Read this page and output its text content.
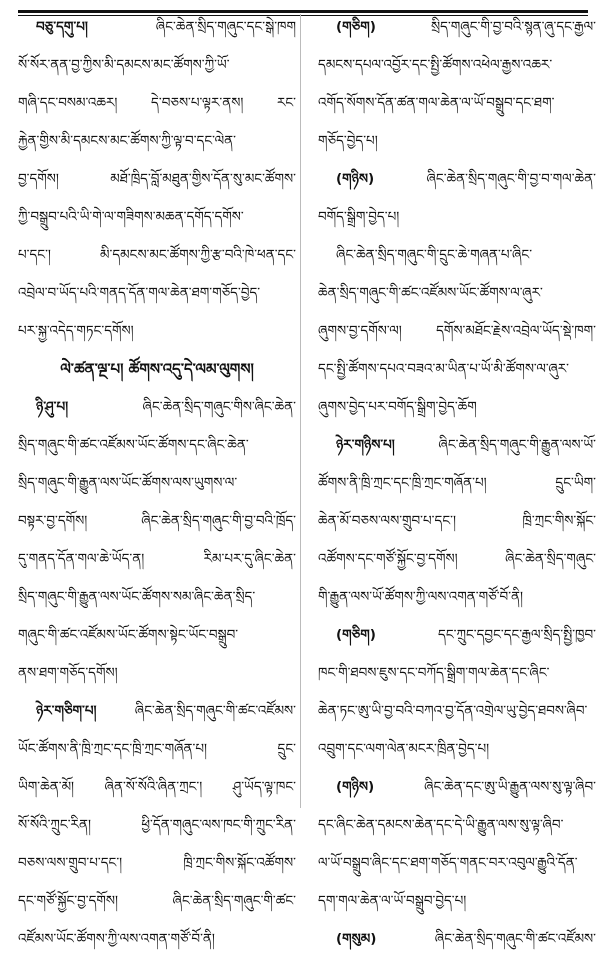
བཅུ་དགུ་པ། ཞིང་ཆེན་སྲིད་གཞུང་དང་སྒེ་ཁག
སོ་སོར་ནན་བྱ་ཀྱིས་མི་དམངས་མང་ཚོགས་ཀྱི་ཡོ་
གཞི་དང་བསམ་འཆར། དེ་བཅས་པ་ལྟར་ནས། རང་
རྐྱེན་གྱིས་མི་དམངས་མང་ཚོགས་ཀྱི་ལྟ་བ་དང་ལེན་
བྱ་དགོས། མཐོ་ཁྲིད་བློ་མཐུན་གྱིས་དོན་སུ་མང་ཚོགས་
ཀྱི་བསྒྲུབ་པའི་ཡི་གེ་ལ་གཟིགས་མཆན་དགོད་དགོས་
པ་དང་། མི་དམངས་མང་ཚོགས་ཀྱི་རྩ་བའི་ཁེ་ཕན་དང་
འབྲེལ་བ་ཡོད་པའི་གནད་དོན་གལ་ཆེན་ཐག་གཅོད་བྱེད་
པར་སྐྱ་འདེད་གཏང་དགོས།
ལེ་ཚན་ལྔ་པ། ཚོགས་འདུ་དེ་ལམ་ལུགས།
ཉི་ཤུ་པ། ཞིང་ཆེན་སྲིད་གཞུང་གིས་ཞིང་ཆེན་
སྲིད་གཞུང་གི་ཚང་འཛོམས་ཡོང་ཚོགས་དང་ཞིང་ཆེན་
སྲིད་གཞུང་གི་རྒྱུན་ལས་ཡོང་ཚོགས་ལས་ཡུགས་ལ་
བསྟར་བྱ་དགོས། ཞིང་ཆེན་སྲིད་གཞུང་གི་བྱ་བའི་ཁྲོད་
དུ་གནད་དོན་གལ་ཆེ་ཡོད་ན། རིམ་པར་དུ་ཞིང་ཆེན་
སྲིད་གཞུང་གི་རྒྱུན་ལས་ཡོང་ཚོགས་སམ་ཞིང་ཆེན་སྲིད་
གཞུང་གི་ཚང་འཛོམས་ཡོང་ཚོགས་སྟེང་ཡོང་བསྒྲུབ་
ནས་ཐག་གཅོད་དགོས།
ཉེར་གཅིག་པ། ཞིང་ཆེན་སྲིད་གཞུང་གི་ཚང་འཛོམས་
ཡོང་ཚོགས་ནི་ཁྲི་ཀྲང་དང་ཁྲི་ཀྲང་གཞོན་པ། དྲུང་
ཡིག་ཆེན་མོ། ཞིན་སོ་སོའི་ཞིན་ཀྲང་། ཤུ་ཡོད་ལྟ་ཁང་
སོ་སོའི་ཀྲུང་རིན། ཕྱི་དོན་གཞུང་ལས་ཁང་གི་ཀྲུང་རིན་
བཅས་ལས་གྲུབ་པ་དང་། ཁྲི་ཀྲང་གིས་སྐོང་འཚོགས་
དང་གཙོ་སྐྱོང་བྱ་དགོས། ཞིང་ཆེན་སྲིད་གཞུང་གི་ཚང་
འཛོམས་ཡོང་ཚོགས་ཀྱི་ལས་འགན་གཙོ་བོ་ནི།
(གཅིག) སྲིད་གཞུང་གི་བྱ་བའི་སྙན་ཞུ་དང་རྒྱལ་
དམངས་དཔལ་འབྱོར་དང་སྤྱི་ཚོགས་འཕེལ་རྒྱས་འཆར་
འགོད་སོགས་དོན་ཚན་གལ་ཆེན་ལ་ཡོ་བསྒྲུབ་དང་ཐག་
གཅོད་བྱེད་པ།
(གཉིས) ཞིང་ཆེན་སྲིད་གཞུང་གི་བྱ་བ་གལ་ཆེན་
བགོད་སྒྲིག་བྱེད་པ།
ཞིང་ཆེན་སྲིད་གཞུང་གི་དྲུང་ཆེ་གཞན་པ་ཞིང་
ཆེན་སྲིད་གཞུང་གི་ཚང་འཛོམས་ཡོང་ཚོགས་ལ་ཞུར་
ཞུགས་བྱ་དགོས་ལ། དགོས་མཐོང་རྗེས་འབྲེལ་ཡོད་སྡེ་ཁག་
དང་སྤྱི་ཚོགས་དཔའ་བཟའ་མ་ཡིན་པ་ཡོ་མི་ཚོགས་ལ་ཞུར་
ཞུགས་བྱེད་པར་བགོད་སྒྲིག་བྱེད་ཆོག
ཉེར་གཉིས་པ། ཞིང་ཆེན་སྲིད་གཞུང་གི་རྒྱུན་ལས་ཡོ་
ཚོགས་ནི་ཁྲི་ཀྲང་དང་ཁྲི་ཀྲང་གཞོན་པ། དྲུང་ཡིག་
ཆེན་མོ་བཅས་ལས་གྲུབ་པ་དང་། ཁྲི་ཀྲང་གིས་སྐོང་
འཚོགས་དང་གཙོ་སྐྱོང་བྱ་དགོས། ཞིང་ཆེན་སྲིད་གཞུང་
གི་རྒྱུན་ལས་ཡོ་ཚོགས་ཀྱི་ལས་འགན་གཙོ་བོ་ནི།
(གཅིག) དང་ཀྲུང་དབྱང་དང་རྒྱལ་སྲིད་སྤྱི་ཁྱབ་
ཁང་གི་ཐབས་ཇུས་དང་བཀོད་སྒྲིག་གལ་ཆེན་དང་ཞིང་
ཆེན་ཏང་ཨུ་ཡི་བྱ་བའི་བཀའ་བྱ་དོན་འགྲེལ་ཡུ་བྱེད་ཐབས་ཞིབ་
འབྲུག་དང་ལག་ལེན་མངར་ཁྲིན་བྱེད་པ།
(གཉིས) ཞིང་ཆེན་དང་ཨུ་ཡི་རྒྱུན་ལས་སུ་ལྟ་ཞིབ་
དང་ཞིང་ཆེན་དམངས་ཆེན་དང་དེ་ཡི་རྒྱུན་ལས་སུ་ལྟ་ཞིབ་
ལ་ཡོ་བསྒྲུབ་ཞིང་དང་ཐག་གཅོད་གནང་བར་འབུལ་རྒྱུའི་དོན་
དག་གལ་ཆེན་ལ་ཡོ་བསྒྲུབ་བྱེད་པ།
(གསུམ) ཞིང་ཆེན་སྲིད་གཞུང་གི་ཚང་འཛོམས་
